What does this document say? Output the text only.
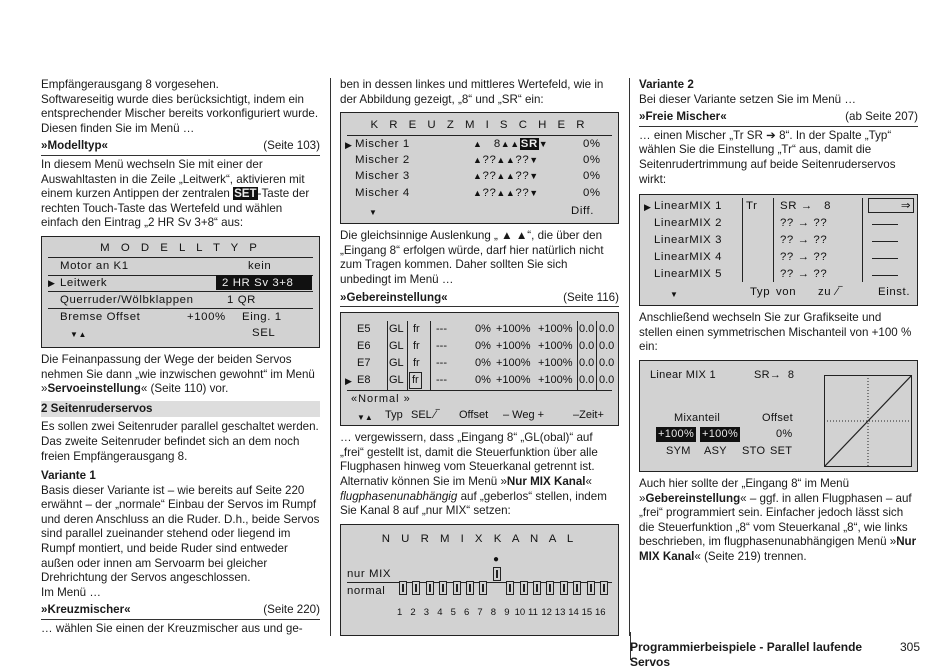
Empfängerausgang 8 vorgesehen.

Softwareseitig wurde dies berücksichtigt, indem ein entsprechender Mischer bereits vorkonfiguriert wurde. Diesen finden Sie im Menü …

»Modelltyp«	(Seite 103)

In diesem Menü wechseln Sie mit einer der Auswahltasten in die Zeile „Leitwerk“, aktivieren mit einem kurzen Antippen der zentralen SET-Taste der rechten Touch-Taste das Wertefeld und wählen einfach den Eintrag „2 HR Sv 3+8“ aus:

M O D E L L T Y P
Motor an K1	kein
▶ Leitwerk	2 HR Sv 3+8
Querruder/Wölbklappen	1 QR
Bremse Offset	+100% Eing. 1
▼▲	SEL

Die Feinanpassung der Wege der beiden Servos nehmen Sie dann „wie inzwischen gewohnt“ im Menü »Servoeinstellung« (Seite 110) vor.

2 Seitenruderservos

Es sollen zwei Seitenruder parallel geschaltet werden. Das zweite Seitenruder befindet sich an dem noch freien Empfängerausgang 8.

Variante 1

Basis dieser Variante ist – wie bereits auf Seite 220 erwähnt – der „normale“ Einbau der Servos im Rumpf und deren Anschluss an die Ruder. D.h., beide Servos sind parallel zueinander stehend oder liegend im Rumpf montiert, und beide Ruder sind entweder außen oder innen am Servoarm bei gleicher Drehrichtung der Servos angeschlossen.

Im Menü …

»Kreuzmischer«	(Seite 220)

… wählen Sie einen der Kreuzmischer aus und ge-

ben in dessen linkes und mittleres Wertefeld, wie in der Abbildung gezeigt, „8“ und „SR“ ein:

K R E U Z M I S C H E R
▶ Mischer 1	▲ 8▲▲SR▼	0%
Mischer 2	▲??▲▲??▼	0%
Mischer 3	▲??▲▲??▼	0%
Mischer 4	▲??▲▲??▼	0%
▼	Diff.

Die gleichsinnige Auslenkung „ ▲ ▲“, die über den „Eingang 8“ erfolgen würde, darf hier natürlich nicht zum Tragen kommen. Daher sollten Sie sich unbedingt im Menü …

»Gebereinstellung«	(Seite 116)
E5 GL fr ---	0% +100% +100% 0.0 0.0
E6 GL fr ---	0% +100% +100% 0.0 0.0
E7 GL fr ---	0% +100% +100% 0.0 0.0
▶ E8 GL fr ---	0% +100% +100% 0.0 0.0
«Normal »
▼▲ Typ SEL ⁄‾ Offset – Weg +	–Zeit+

… vergewissern, dass „Eingang 8“ „GL(obal)“ auf „frei“ gestellt ist, damit die Steuerfunktion über alle Flugphasen hinweg vom Steuerkanal getrennt ist.

Alternativ können Sie im Menü »Nur MIX Kanal« flugphasenunabhängig auf „geberlos“ stellen, indem Sie Kanal 8 auf „nur MIX“ setzen:

N U R M I X K A N A L
●
nur MIX
normal
1 2 3 4 5 6 7 8 9 10 11 12 13 14 15 16
Variante 2

Bei dieser Variante setzen Sie im Menü …

»Freie Mischer«	(ab Seite 207)

… einen Mischer „Tr SR ➔ 8“. In der Spalte „Typ“ wählen Sie die Einstellung „Tr“ aus, damit die Seitenrudertrimmung auf beide Seitenruderservos wirkt:

▶ LinearMIX 1 Tr SR → 8	⇒
LinearMIX 2	?? → ??
LinearMIX 3	?? → ??
LinearMIX 4	?? → ??
LinearMIX 5	?? → ??
▼	Typ von zu ⁄‾	Einst.

Anschließend wechseln Sie zur Grafikseite und stellen einen symmetrischen Mischanteil von +100 % ein:

Linear MIX 1	SR→ 8
Mixanteil	Offset
+100% +100%	0%
SYM ASY STO SET

Auch hier sollte der „Eingang 8“ im Menü »Gebereinstellung« – ggf. in allen Flugphasen – auf „frei“ programmiert sein. Einfacher jedoch lässt sich die Steuerfunktion „8“ vom Steuerkanal „8“, wie links beschrieben, im flugphasenunabhängigen Menü »Nur MIX Kanal« (Seite 219) trennen.

Programmierbeispiele - Parallel laufende Servos
305
